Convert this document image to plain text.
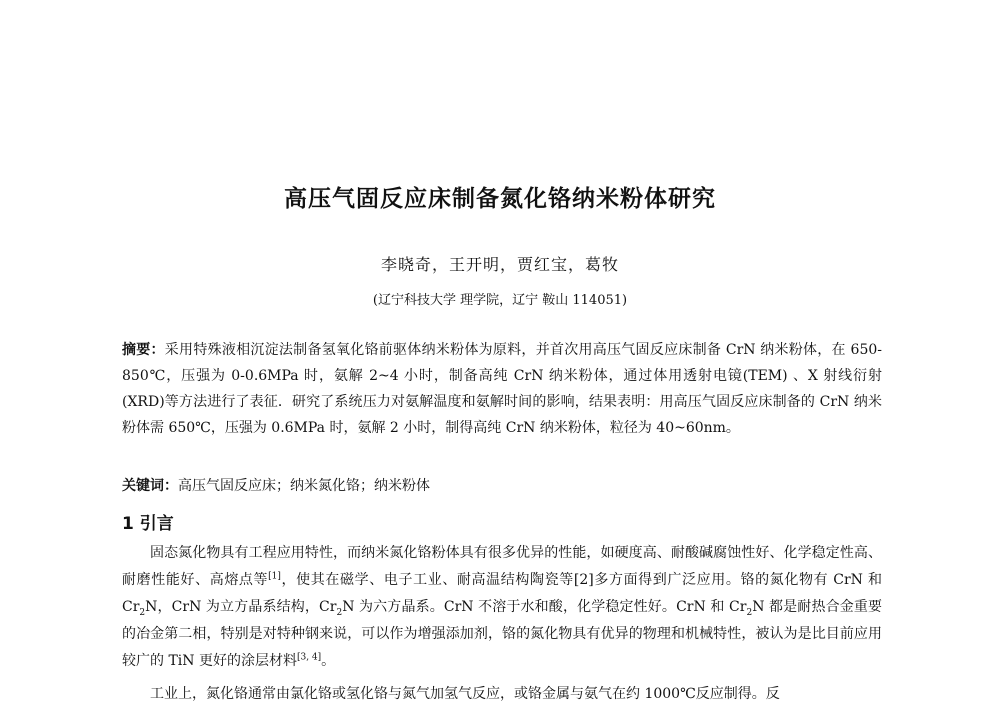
高压气固反应床制备氮化铬纳米粉体研究

李晓奇，王开明，贾红宝，葛牧

(辽宁科技大学 理学院，辽宁 鞍山 114051)

摘要：采用特殊液相沉淀法制备氢氧化铬前驱体纳米粉体为原料，并首次用高压气固反应床制备 CrN 纳米粉体，在 650-850℃，压强为 0-0.6MPa 时，氨解 2~4 小时，制备高纯 CrN 纳米粉体，通过体用透射电镜(TEM) 、X 射线衍射(XRD)等方法进行了表征．研究了系统压力对氨解温度和氨解时间的影响，结果表明：用高压气固反应床制备的 CrN 纳米粉体需 650℃，压强为 0.6MPa 时，氨解 2 小时，制得高纯 CrN 纳米粉体，粒径为 40~60nm。

关键词：高压气固反应床；纳米氮化铬；纳米粉体

1 引言

固态氮化物具有工程应用特性，而纳米氮化铬粉体具有很多优异的性能，如硬度高、耐酸碱腐蚀性好、化学稳定性高、耐磨性能好、高熔点等[1]，使其在磁学、电子工业、耐高温结构陶瓷等[2]多方面得到广泛应用。铬的氮化物有 CrN 和 $Cr_2N$，CrN 为立方晶系结构，$Cr_2N$ 为六方晶系。CrN 不溶于水和酸，化学稳定性好。CrN 和 $Cr_2N$ 都是耐热合金重要的冶金第二相，特别是对特种钢来说，可以作为增强添加剂，铬的氮化物具有优异的物理和机械特性，被认为是比目前应用较广的 TiN 更好的涂层材料[3, 4]。

工业上，氮化铬通常由氯化铬或氢化铬与氮气加氢气反应，或铬金属与氨气在约 1000℃反应制得。反
